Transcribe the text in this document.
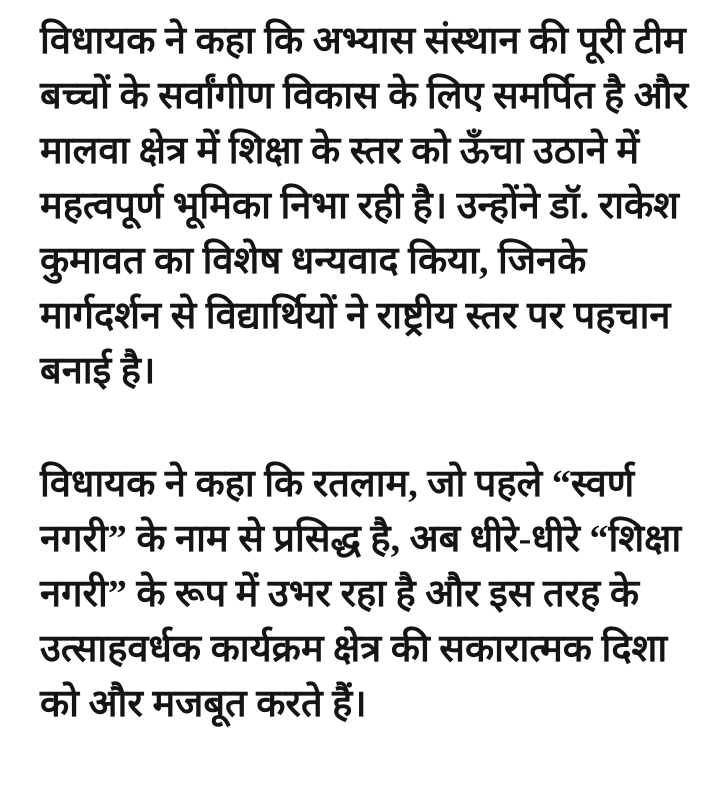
विधायक ने कहा कि अभ्यास संस्थान की पूरी टीम
बच्चों के सर्वांगीण विकास के लिए समर्पित है और
मालवा क्षेत्र में शिक्षा के स्तर को ऊँचा उठाने में
महत्वपूर्ण भूमिका निभा रही है। उन्होंने डॉ. राकेश
कुमावत का विशेष धन्यवाद किया, जिनके
मार्गदर्शन से विद्यार्थियों ने राष्ट्रीय स्तर पर पहचान
बनाई है।

विधायक ने कहा कि रतलाम, जो पहले “स्वर्ण
नगरी” के नाम से प्रसिद्ध है, अब धीरे-धीरे “शिक्षा
नगरी” के रूप में उभर रहा है और इस तरह के
उत्साहवर्धक कार्यक्रम क्षेत्र की सकारात्मक दिशा
को और मजबूत करते हैं।
